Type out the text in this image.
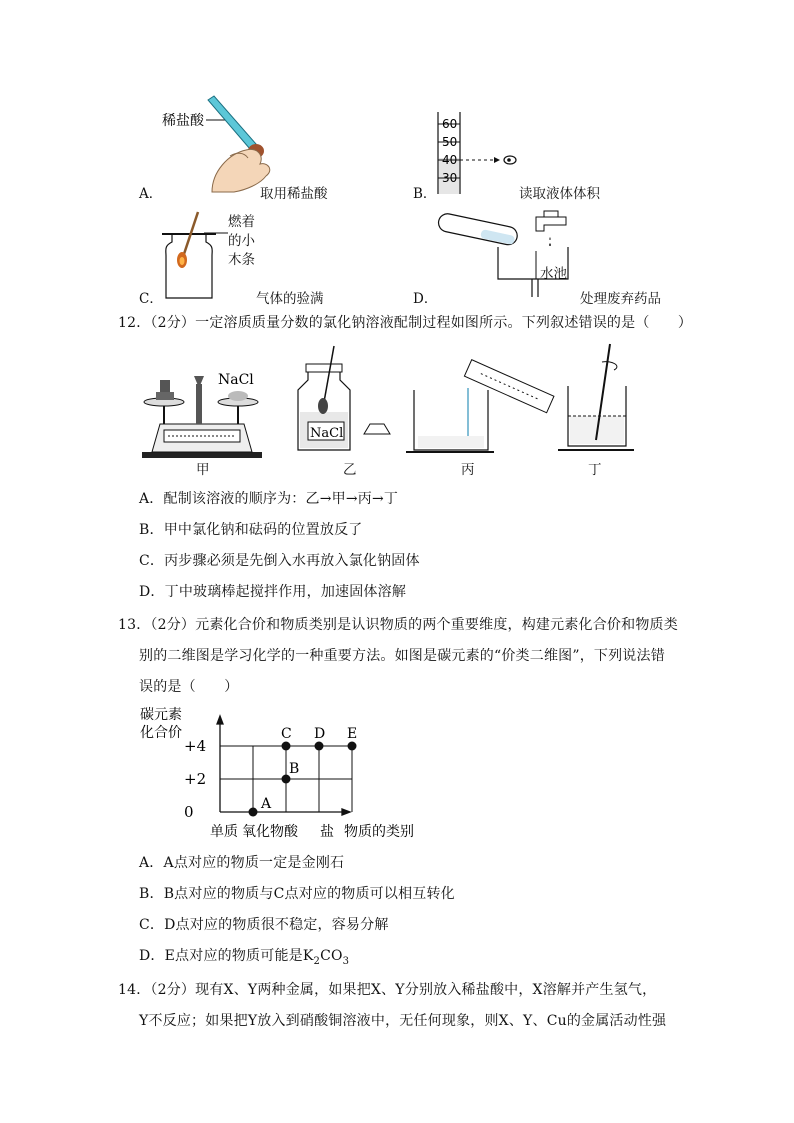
稀盐酸
A．	取用稀盐酸
60
50
40
30
B．	读取液体体积
燃着
的小
木条
C．	气体的验满
水池
D．	处理废弃药品
12．（2分）一定溶质质量分数的氯化钠溶液配制过程如图所示。下列叙述错误的是（　　）
NaCl
NaCl
甲	乙	丙	丁
A．配制该溶液的顺序为：乙→甲→丙→丁
B．甲中氯化钠和砝码的位置放反了
C．丙步骤必须是先倒入水再放入氯化钠固体
D．丁中玻璃棒起搅拌作用，加速固体溶解
13．（2分）元素化合价和物质类别是认识物质的两个重要维度，构建元素化合价和物质类
别的二维图是学习化学的一种重要方法。如图是碳元素的“价类二维图”，下列说法错
误的是（　　）
碳元素
化合价
+4
+2
0
单质 氧化物 酸 盐
A
B
C D E
物质的类别
A．A点对应的物质一定是金刚石
B．B点对应的物质与C点对应的物质可以相互转化
C．D点对应的物质很不稳定，容易分解
D．E点对应的物质可能是$K_2CO_3$
14．（2分）现有X、Y两种金属，如果把X、Y分别放入稀盐酸中，X溶解并产生氢气，
Y不反应；如果把Y放入到硝酸铜溶液中，无任何现象，则X、Y、Cu的金属活动性强
